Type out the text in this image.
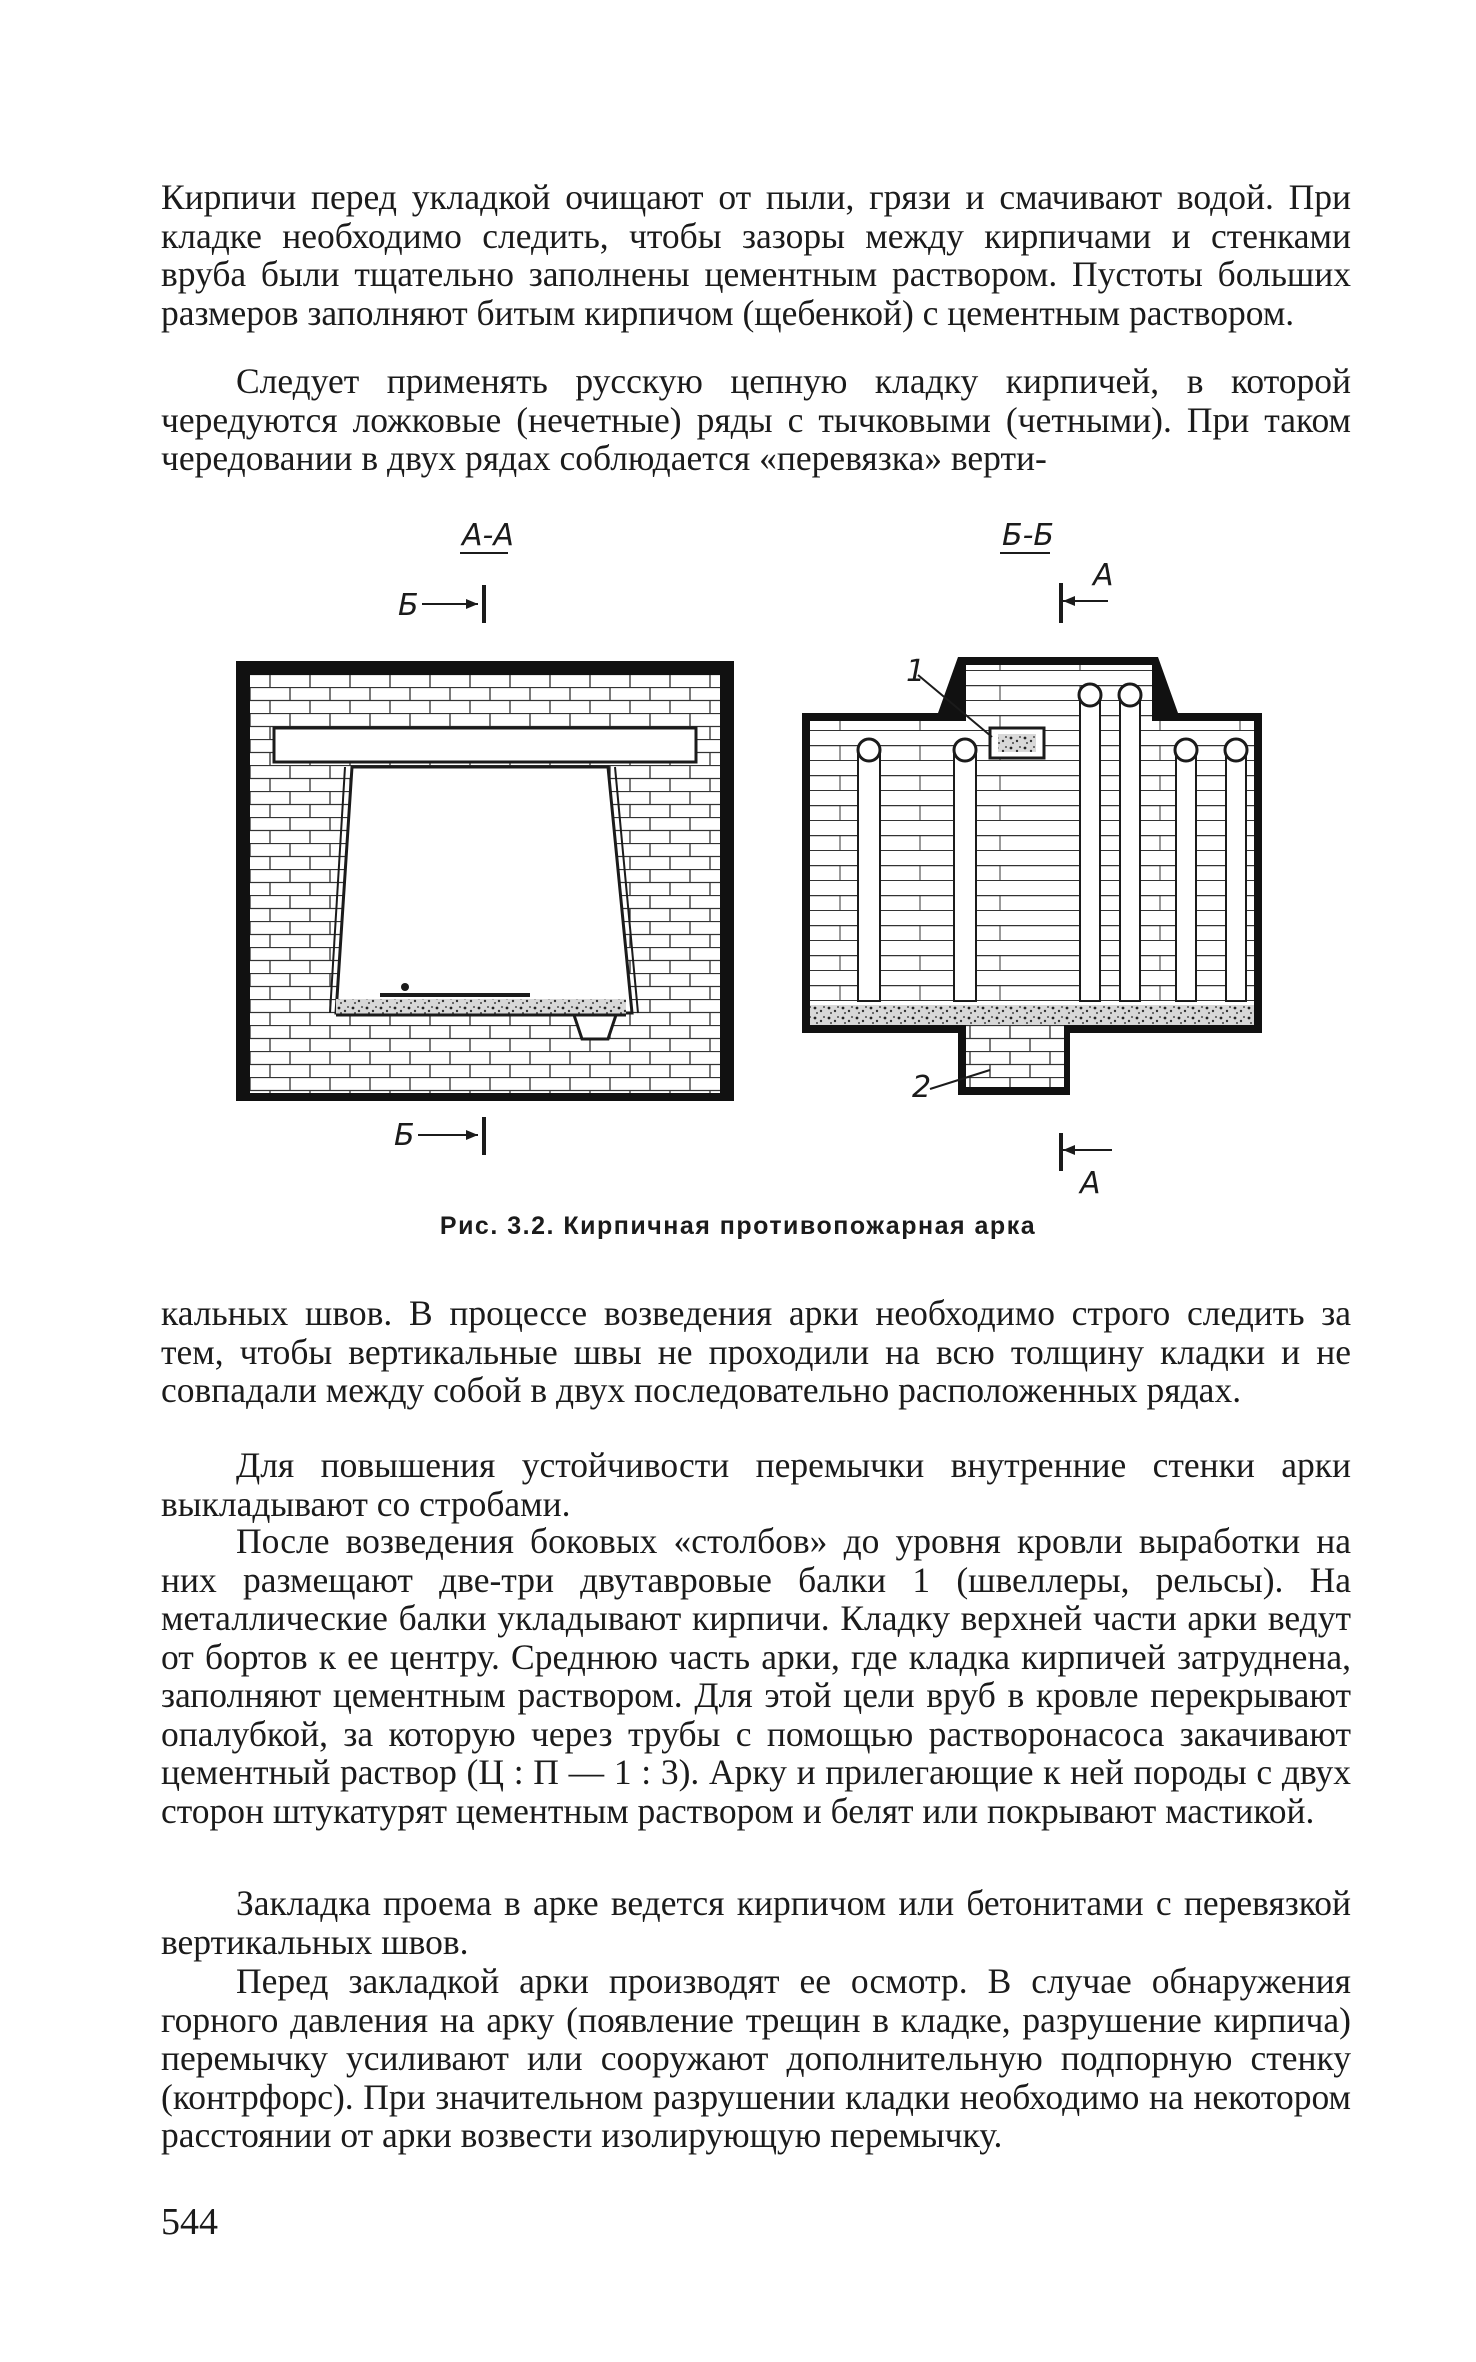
Кирпичи перед укладкой очищают от пыли, грязи и смачивают водой. При кладке необходимо следить, чтобы зазоры между кирпичами и стенками вруба были тщательно заполнены цементным раствором. Пустоты больших размеров заполняют битым кирпичом (щебенкой) с цементным раствором.

Следует применять русскую цепную кладку кирпичей, в которой чередуются ложковые (нечетные) ряды с тычковыми (четными). При таком чередовании в двух рядах соблюдается «перевязка» верти-

А-А	Б-Б
Б
Б
А
А
1
2
Рис. 3.2. Кирпичная противопожарная арка

кальных швов. В процессе возведения арки необходимо строго следить за тем, чтобы вертикальные швы не проходили на всю толщину кладки и не совпадали между собой в двух последовательно расположенных рядах.

Для повышения устойчивости перемычки внутренние стенки арки выкладывают со стробами.

После возведения боковых «столбов» до уровня кровли выработки на них размещают две-три двутавровые балки 1 (швеллеры, рельсы). На металлические балки укладывают кирпичи. Кладку верхней части арки ведут от бортов к ее центру. Среднюю часть арки, где кладка кирпичей затруднена, заполняют цементным раствором. Для этой цели вруб в кровле перекрывают опалубкой, за которую через трубы с помощью растворонасоса закачивают цементный раствор (Ц : П — 1 : 3). Арку и прилегающие к ней породы с двух сторон штукатурят цементным раствором и белят или покрывают мастикой.

Закладка проема в арке ведется кирпичом или бетонитами с перевязкой вертикальных швов.

Перед закладкой арки производят ее осмотр. В случае обнаружения горного давления на арку (появление трещин в кладке, разрушение кирпича) перемычку усиливают или сооружают дополнительную подпорную стенку (контрфорс). При значительном разрушении кладки необходимо на некотором расстоянии от арки возвести изолирующую перемычку.

544
